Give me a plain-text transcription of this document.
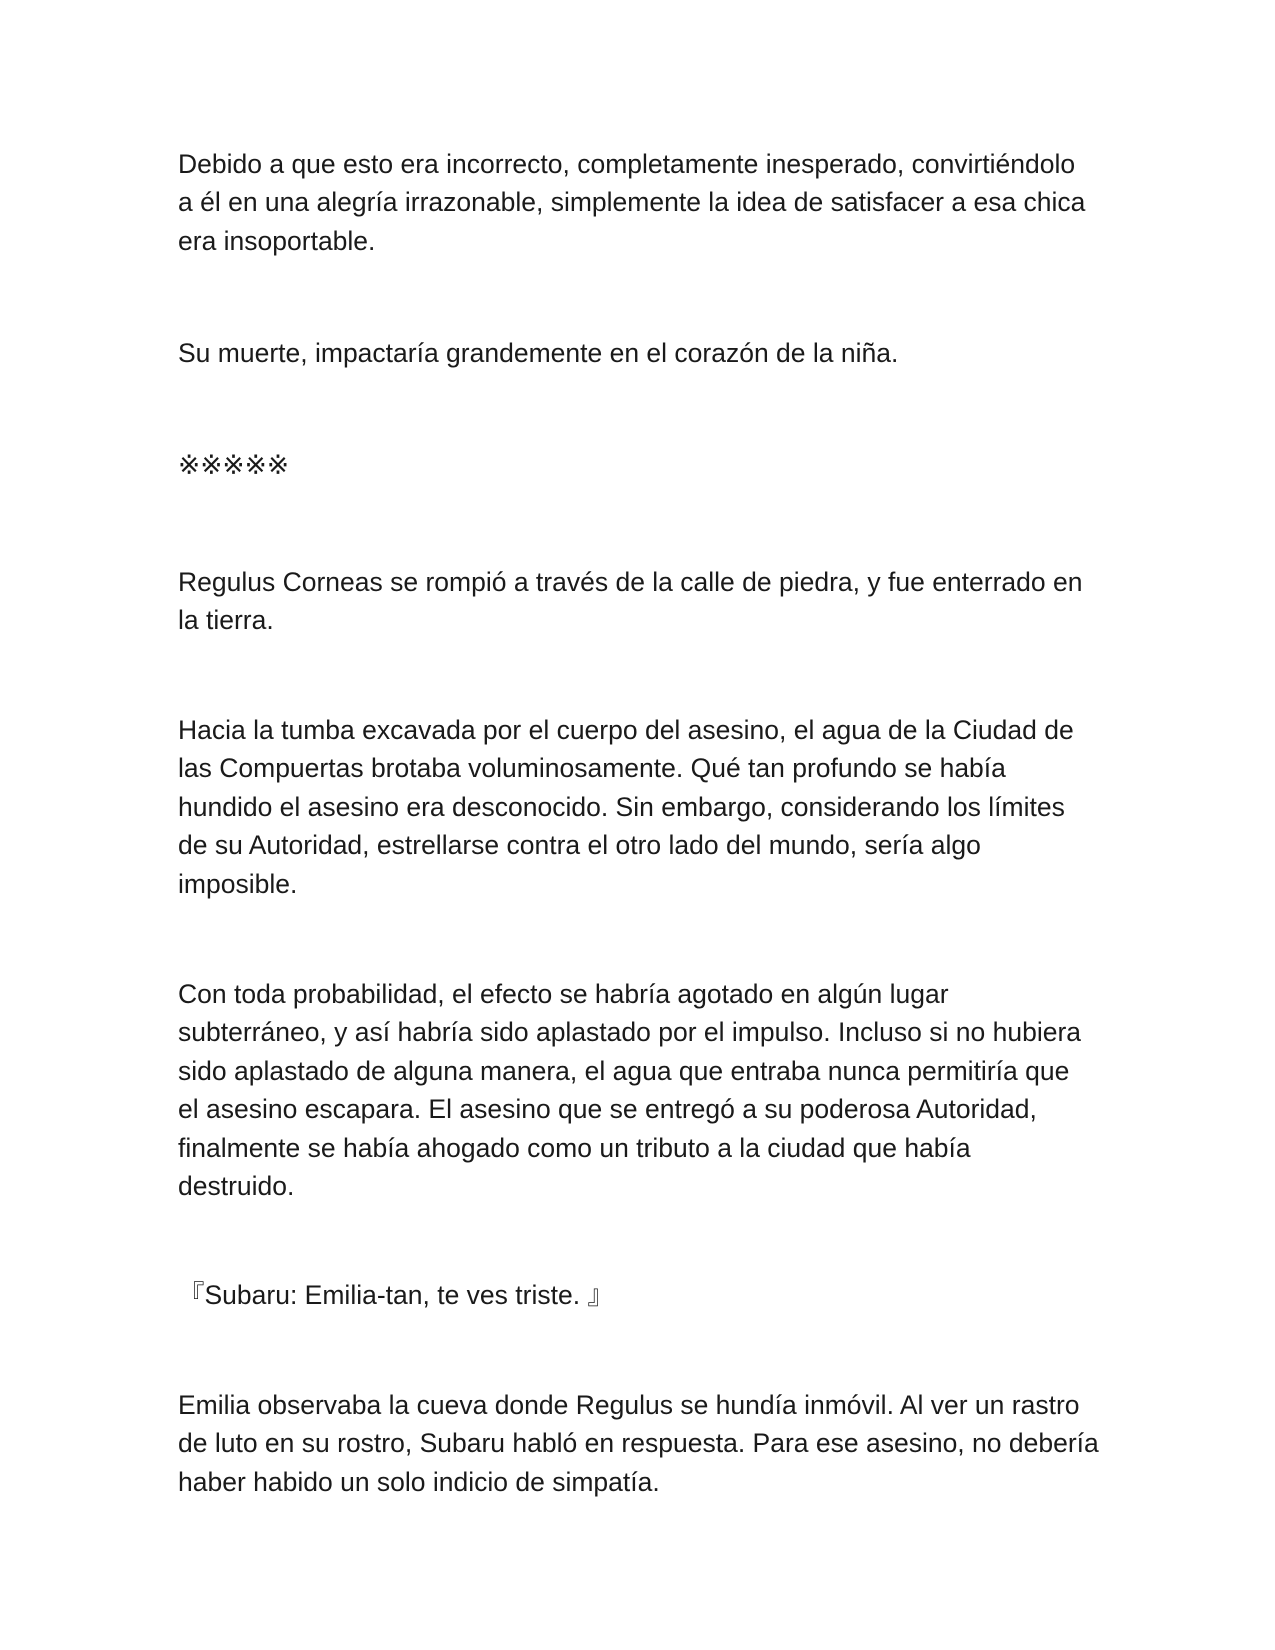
Debido a que esto era incorrecto, completamente inesperado, convirtiéndolo
a él en una alegría irrazonable, simplemente la idea de satisfacer a esa chica
era insoportable.

Su muerte, impactaría grandemente en el corazón de la niña.

※※※※※

Regulus Corneas se rompió a través de la calle de piedra, y fue enterrado en
la tierra.

Hacia la tumba excavada por el cuerpo del asesino, el agua de la Ciudad de
las Compuertas brotaba voluminosamente. Qué tan profundo se había
hundido el asesino era desconocido. Sin embargo, considerando los límites
de su Autoridad, estrellarse contra el otro lado del mundo, sería algo
imposible.

Con toda probabilidad, el efecto se habría agotado en algún lugar
subterráneo, y así habría sido aplastado por el impulso. Incluso si no hubiera
sido aplastado de alguna manera, el agua que entraba nunca permitiría que
el asesino escapara. El asesino que se entregó a su poderosa Autoridad,
finalmente se había ahogado como un tributo a la ciudad que había
destruido.

『Subaru: Emilia-tan, te ves triste. 』

Emilia observaba la cueva donde Regulus se hundía inmóvil. Al ver un rastro
de luto en su rostro, Subaru habló en respuesta. Para ese asesino, no debería
haber habido un solo indicio de simpatía.
